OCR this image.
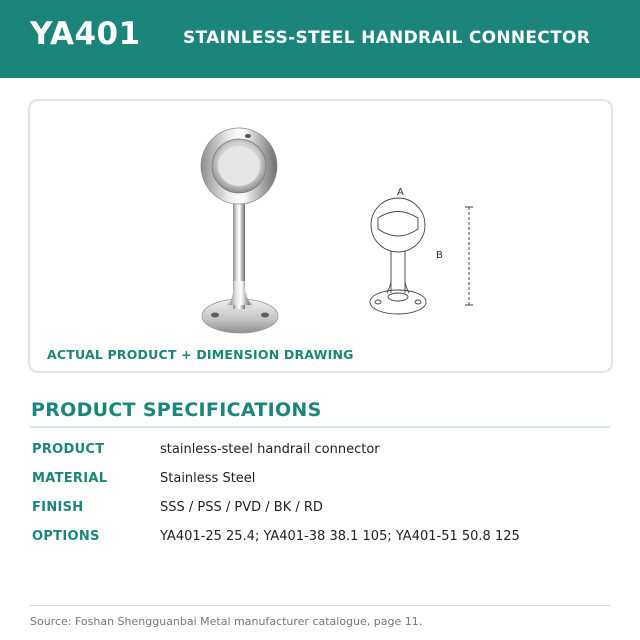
YA401 STAINLESS-STEEL HANDRAIL CONNECTOR
A
B
ACTUAL PRODUCT + DIMENSION DRAWING
PRODUCT SPECIFICATIONS
PRODUCT	stainless-steel handrail connector
MATERIAL	Stainless Steel
FINISH	SSS / PSS / PVD / BK / RD
OPTIONS	YA401-25 25.4; YA401-38 38.1 105; YA401-51 50.8 125
Source: Foshan Shengguanbai Metal manufacturer catalogue, page 11.
